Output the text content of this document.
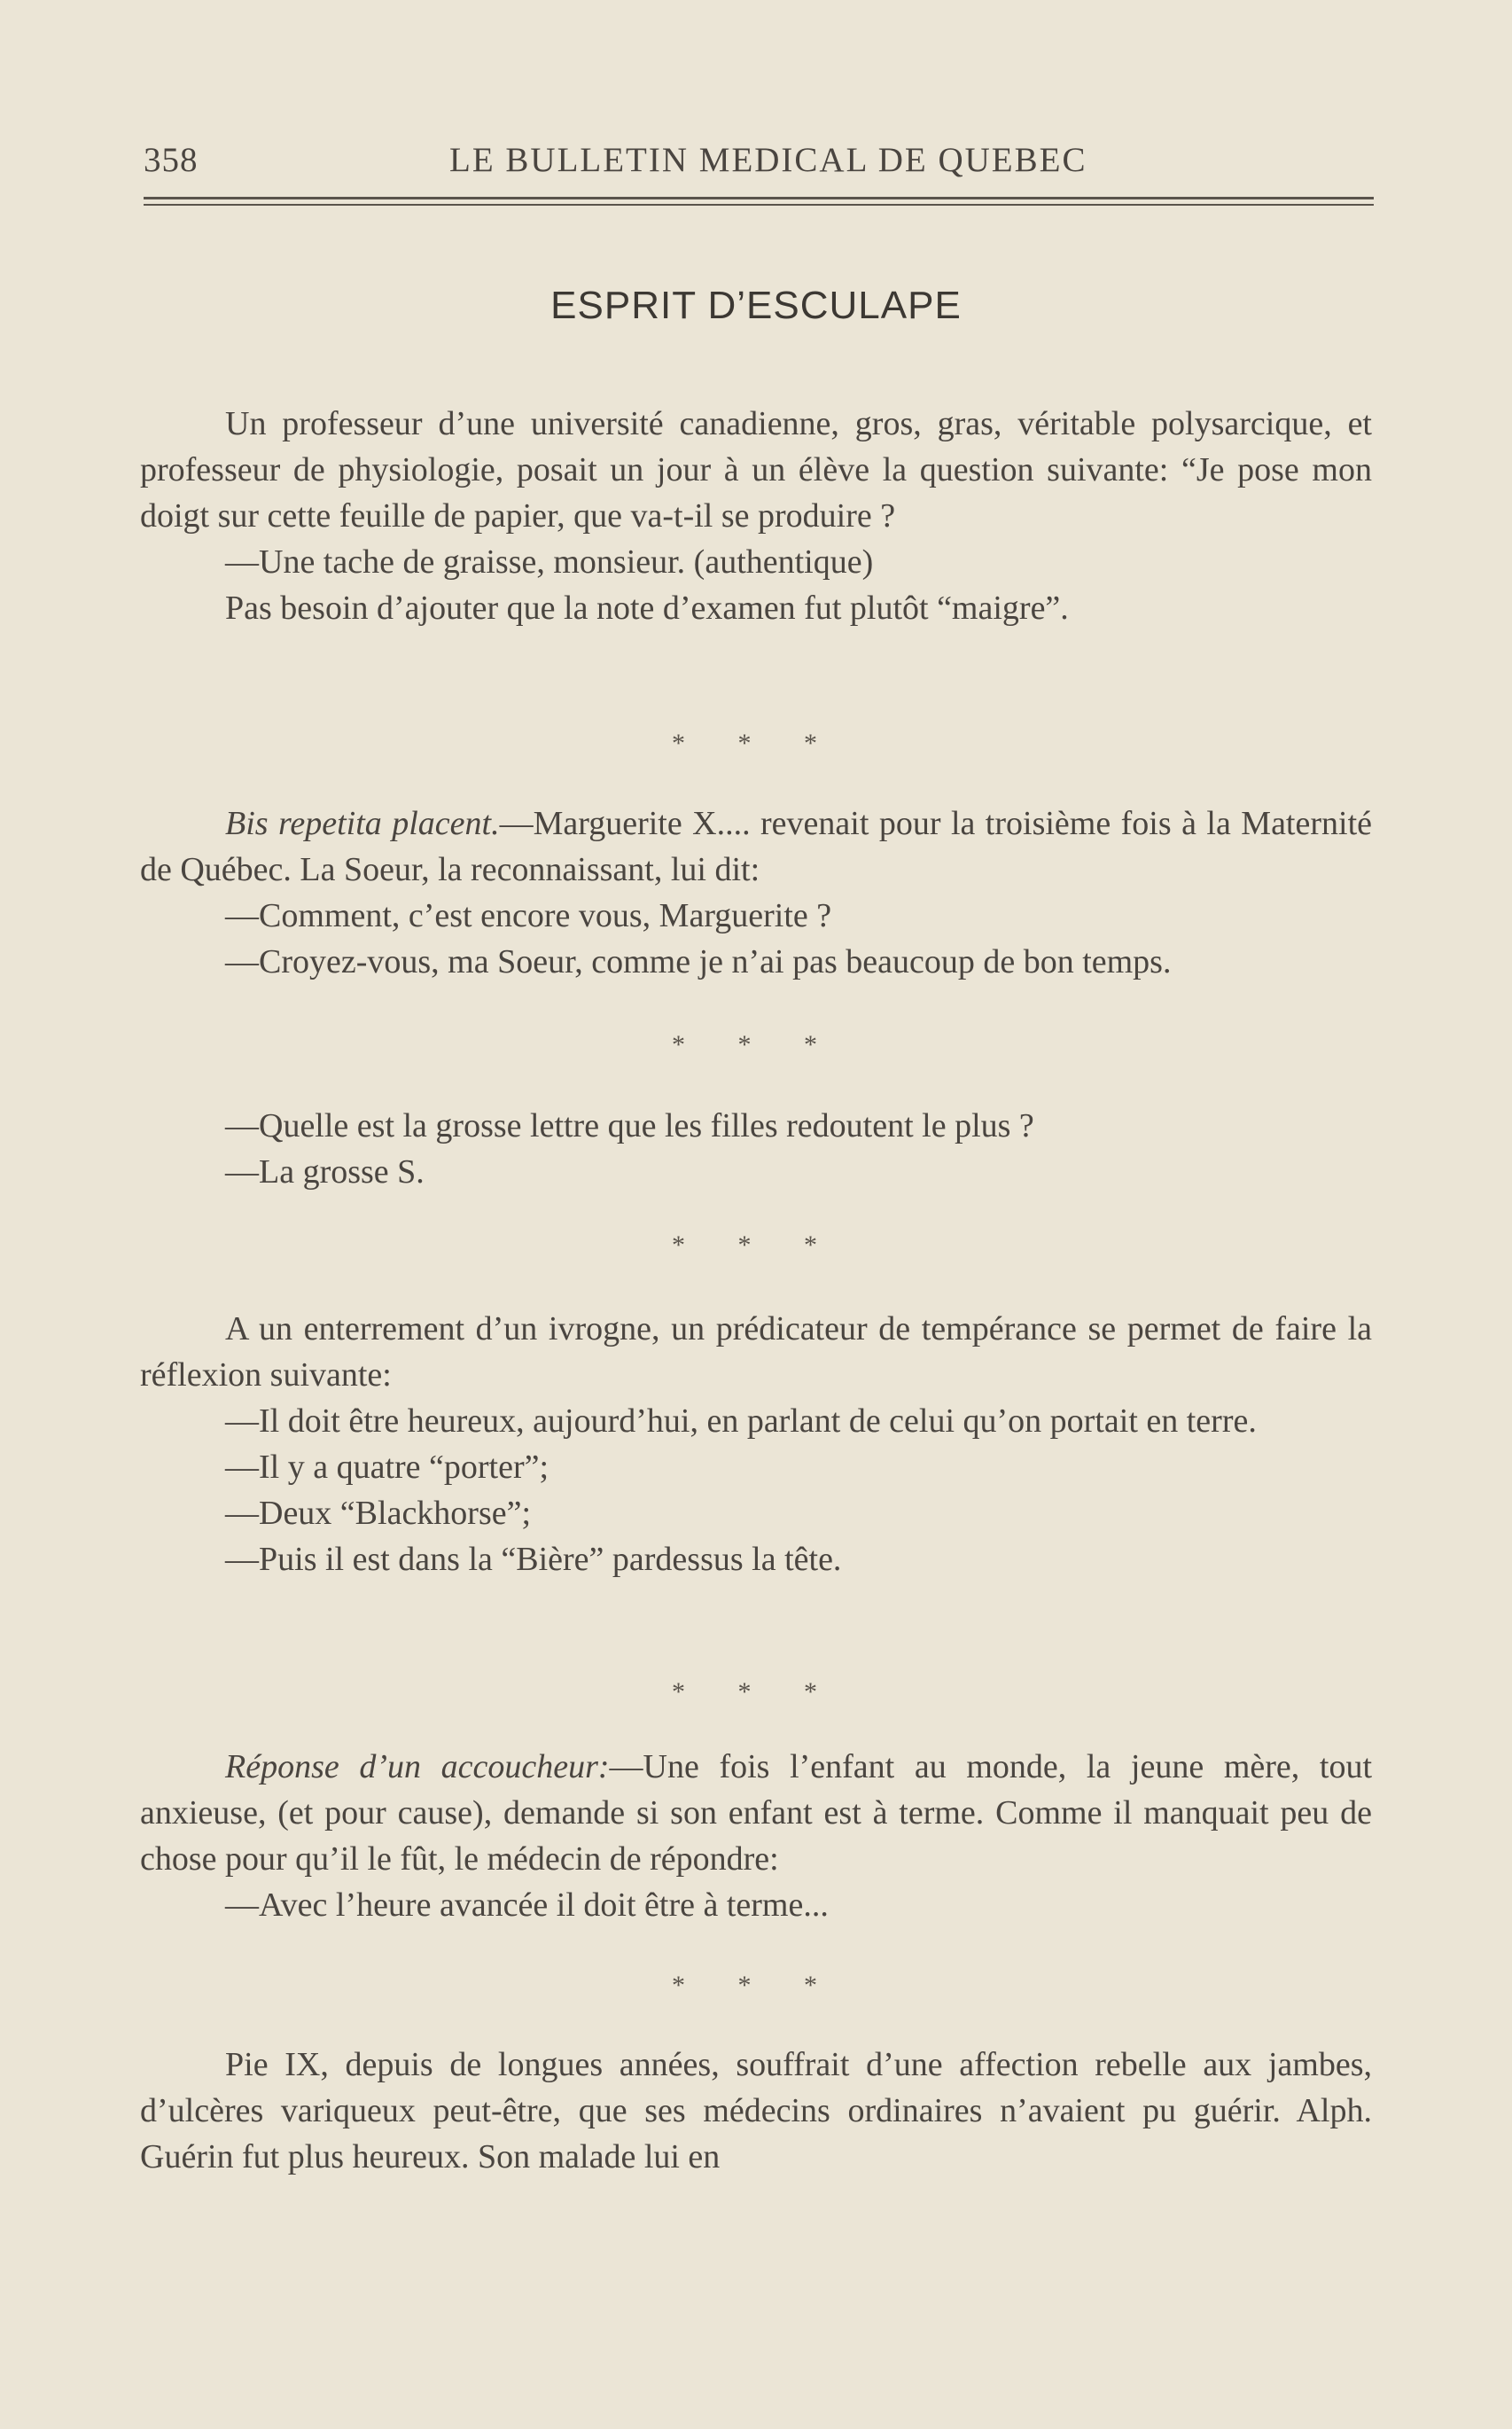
358	LE BULLETIN MEDICAL DE QUEBEC
ESPRIT D’ESCULAPE

Un professeur d’une université canadienne, gros, gras, véritable polysarcique, et professeur de physiologie, posait un jour à un élève la question suivante: “Je pose mon doigt sur cette feuille de papier, que va-t-il se produire ?

—Une tache de graisse, monsieur. (authentique)

Pas besoin d’ajouter que la note d’examen fut plutôt “maigre”.

* * *

Bis repetita placent.—Marguerite X.... revenait pour la troisième fois à la Maternité de Québec. La Soeur, la reconnaissant, lui dit:

—Comment, c’est encore vous, Marguerite ?

—Croyez-vous, ma Soeur, comme je n’ai pas beaucoup de bon temps.

* * *

—Quelle est la grosse lettre que les filles redoutent le plus ?

—La grosse S.

* * *

A un enterrement d’un ivrogne, un prédicateur de tempérance se permet de faire la réflexion suivante:

—Il doit être heureux, aujourd’hui, en parlant de celui qu’on portait en terre.

—Il y a quatre “porter”;

—Deux “Blackhorse”;

—Puis il est dans la “Bière” pardessus la tête.

* * *

Réponse d’un accoucheur:—Une fois l’enfant au monde, la jeune mère, tout anxieuse, (et pour cause), demande si son enfant est à terme. Comme il manquait peu de chose pour qu’il le fût, le médecin de répondre:

—Avec l’heure avancée il doit être à terme...

* * *

Pie IX, depuis de longues années, souffrait d’une affection rebelle aux jambes, d’ulcères variqueux peut-être, que ses médecins ordinaires n’avaient pu guérir. Alph. Guérin fut plus heureux. Son malade lui en
